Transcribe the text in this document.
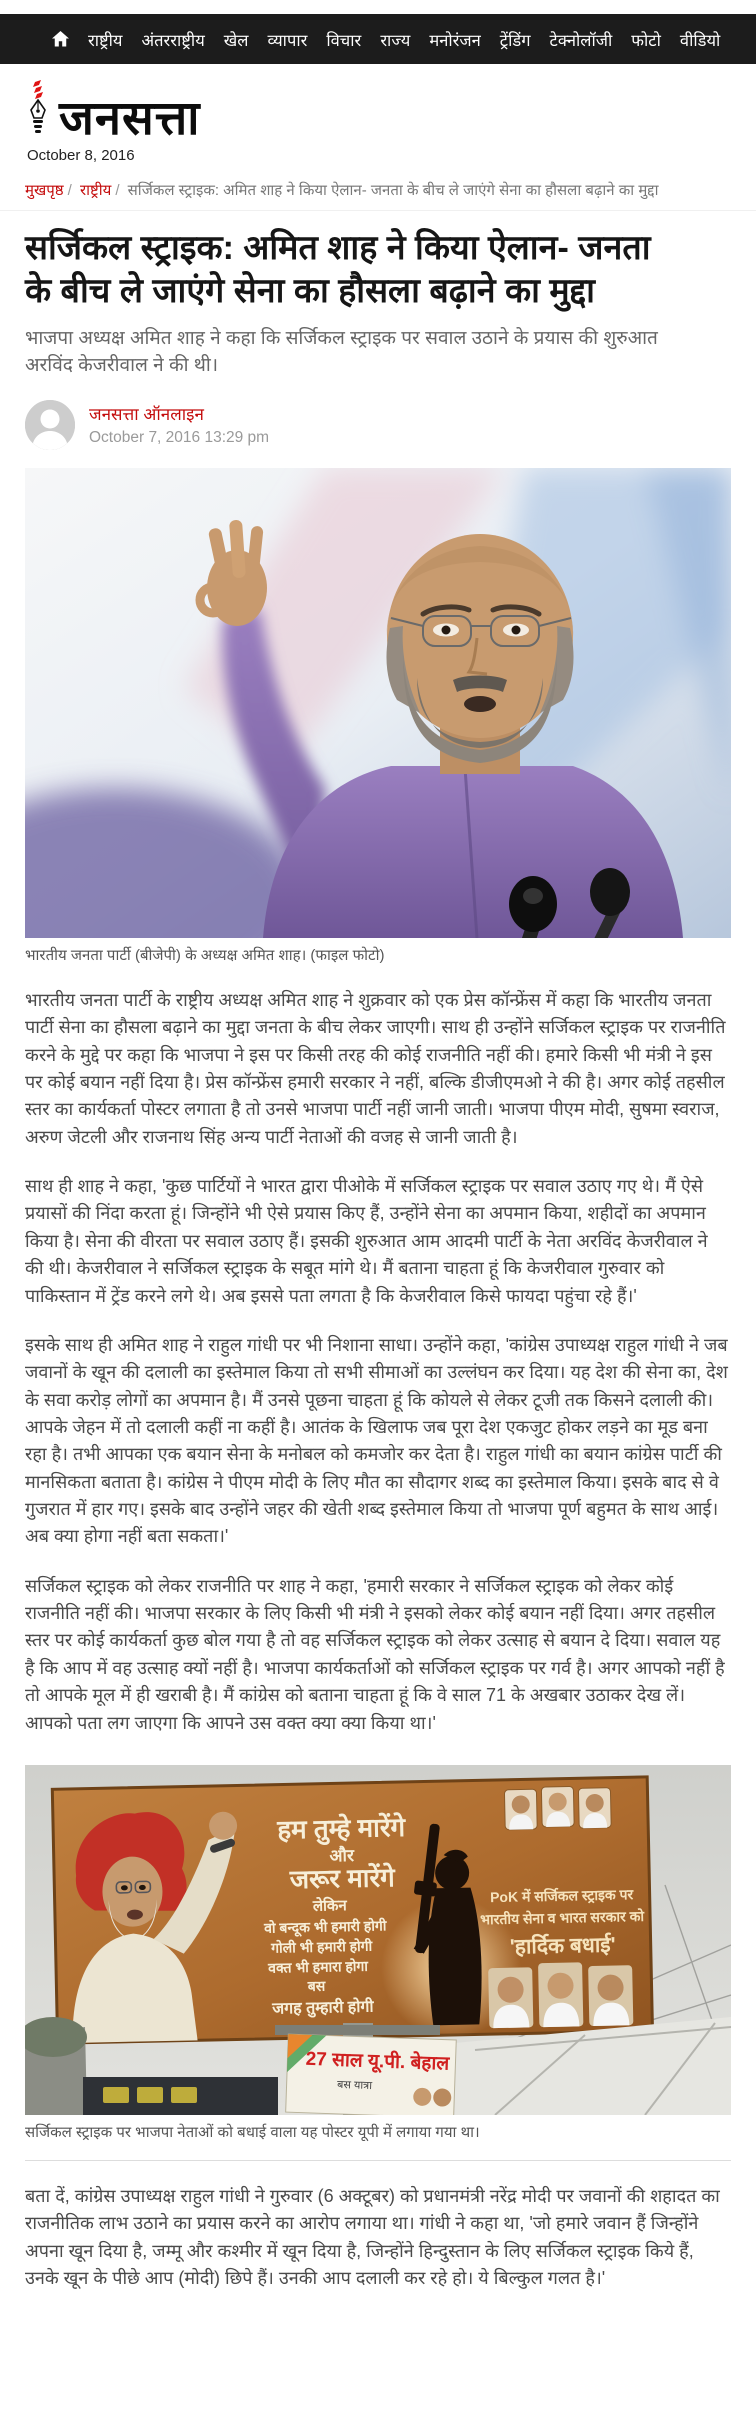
राष्ट्रीय अंतरराष्ट्रीय खेल व्यापार विचार राज्य मनोरंजन ट्रेंडिंग टेक्नोलॉजी फोटो वीडियो
जनसत्ता
October 8, 2016
मुखपृष्ठ / राष्ट्रीय / सर्जिकल स्ट्राइक: अमित शाह ने किया ऐलान- जनता के बीच ले जाएंगे सेना का हौसला बढ़ाने का मुद्दा
सर्जिकल स्ट्राइक: अमित शाह ने किया ऐलान- जनता के बीच ले जाएंगे सेना का हौसला बढ़ाने का मुद्दा

भाजपा अध्यक्ष अमित शाह ने कहा कि सर्जिकल स्ट्राइक पर सवाल उठाने के प्रयास की शुरुआत अरविंद केजरीवाल ने की थी।

जनसत्ता ऑनलाइन
October 7, 2016 13:29 pm
भारतीय जनता पार्टी (बीजेपी) के अध्यक्ष अमित शाह। (फाइल फोटो)

भारतीय जनता पार्टी के राष्ट्रीय अध्यक्ष अमित शाह ने शुक्रवार को एक प्रेस कॉन्फ्रेंस में कहा कि भारतीय जनता पार्टी सेना का हौसला बढ़ाने का मुद्दा जनता के बीच लेकर जाएगी। साथ ही उन्होंने सर्जिकल स्ट्राइक पर राजनीति करने के मुद्दे पर कहा कि भाजपा ने इस पर किसी तरह की कोई राजनीति नहीं की। हमारे किसी भी मंत्री ने इस पर कोई बयान नहीं दिया है। प्रेस कॉन्फ्रेंस हमारी सरकार ने नहीं, बल्कि डीजीएमओ ने की है। अगर कोई तहसील स्तर का कार्यकर्ता पोस्टर लगाता है तो उनसे भाजपा पार्टी नहीं जानी जाती। भाजपा पीएम मोदी, सुषमा स्वराज, अरुण जेटली और राजनाथ सिंह अन्य पार्टी नेताओं की वजह से जानी जाती है।

साथ ही शाह ने कहा, 'कुछ पार्टियों ने भारत द्वारा पीओके में सर्जिकल स्ट्राइक पर सवाल उठाए गए थे। मैं ऐसे प्रयासों की निंदा करता हूं। जिन्होंने भी ऐसे प्रयास किए हैं, उन्होंने सेना का अपमान किया, शहीदों का अपमान किया है। सेना की वीरता पर सवाल उठाए हैं। इसकी शुरुआत आम आदमी पार्टी के नेता अरविंद केजरीवाल ने की थी। केजरीवाल ने सर्जिकल स्ट्राइक के सबूत मांगे थे। मैं बताना चाहता हूं कि केजरीवाल गुरुवार को पाकिस्तान में ट्रेंड करने लगे थे। अब इससे पता लगता है कि केजरीवाल किसे फायदा पहुंचा रहे हैं।'

इसके साथ ही अमित शाह ने राहुल गांधी पर भी निशाना साधा। उन्होंने कहा, 'कांग्रेस उपाध्यक्ष राहुल गांधी ने जब जवानों के खून की दलाली का इस्तेमाल किया तो सभी सीमाओं का उल्लंघन कर दिया। यह देश की सेना का, देश के सवा करोड़ लोगों का अपमान है। मैं उनसे पूछना चाहता हूं कि कोयले से लेकर टूजी तक किसने दलाली की। आपके जेहन में तो दलाली कहीं ना कहीं है। आतंक के खिलाफ जब पूरा देश एकजुट होकर लड़ने का मूड बना रहा है। तभी आपका एक बयान सेना के मनोबल को कमजोर कर देता है। राहुल गांधी का बयान कांग्रेस पार्टी की मानसिकता बताता है। कांग्रेस ने पीएम मोदी के लिए मौत का सौदागर शब्द का इस्तेमाल किया। इसके बाद से वे गुजरात में हार गए। इसके बाद उन्होंने जहर की खेती शब्द इस्तेमाल किया तो भाजपा पूर्ण बहुमत के साथ आई। अब क्या होगा नहीं बता सकता।'

सर्जिकल स्ट्राइक को लेकर राजनीति पर शाह ने कहा, 'हमारी सरकार ने सर्जिकल स्ट्राइक को लेकर कोई राजनीति नहीं की। भाजपा सरकार के लिए किसी भी मंत्री ने इसको लेकर कोई बयान नहीं दिया। अगर तहसील स्तर पर कोई कार्यकर्ता कुछ बोल गया है तो वह सर्जिकल स्ट्राइक को लेकर उत्साह से बयान दे दिया। सवाल यह है कि आप में वह उत्साह क्यों नहीं है। भाजपा कार्यकर्ताओं को सर्जिकल स्ट्राइक पर गर्व है। अगर आपको नहीं है तो आपके मूल में ही खराबी है। मैं कांग्रेस को बताना चाहता हूं कि वे साल 71 के अखबार उठाकर देख लें। आपको पता लग जाएगा कि आपने उस वक्त क्या क्या किया था।'

हम तुम्हे मारेंगे
और
जरूर मारेंगे
लेकिन
वो बन्दूक भी हमारी होगी
गोली भी हमारी होगी
वक्त भी हमारा होगा
बस
जगह तुम्हारी होगी
PoK में सर्जिकल स्ट्राइक पर
भारतीय सेना व भारत सरकार को
'हार्दिक बधाई'
27 साल यू.पी. बेहाल
बस यात्रा
सर्जिकल स्ट्राइक पर भाजपा नेताओं को बधाई वाला यह पोस्टर यूपी में लगाया गया था।

बता दें, कांग्रेस उपाध्यक्ष राहुल गांधी ने गुरुवार (6 अक्टूबर) को प्रधानमंत्री नरेंद्र मोदी पर जवानों की शहादत का राजनीतिक लाभ उठाने का प्रयास करने का आरोप लगाया था। गांधी ने कहा था, 'जो हमारे जवान हैं जिन्होंने अपना खून दिया है, जम्मू और कश्मीर में खून दिया है, जिन्होंने हिन्दुस्तान के लिए सर्जिकल स्ट्राइक किये हैं, उनके खून के पीछे आप (मोदी) छिपे हैं। उनकी आप दलाली कर रहे हो। ये बिल्कुल गलत है।'
